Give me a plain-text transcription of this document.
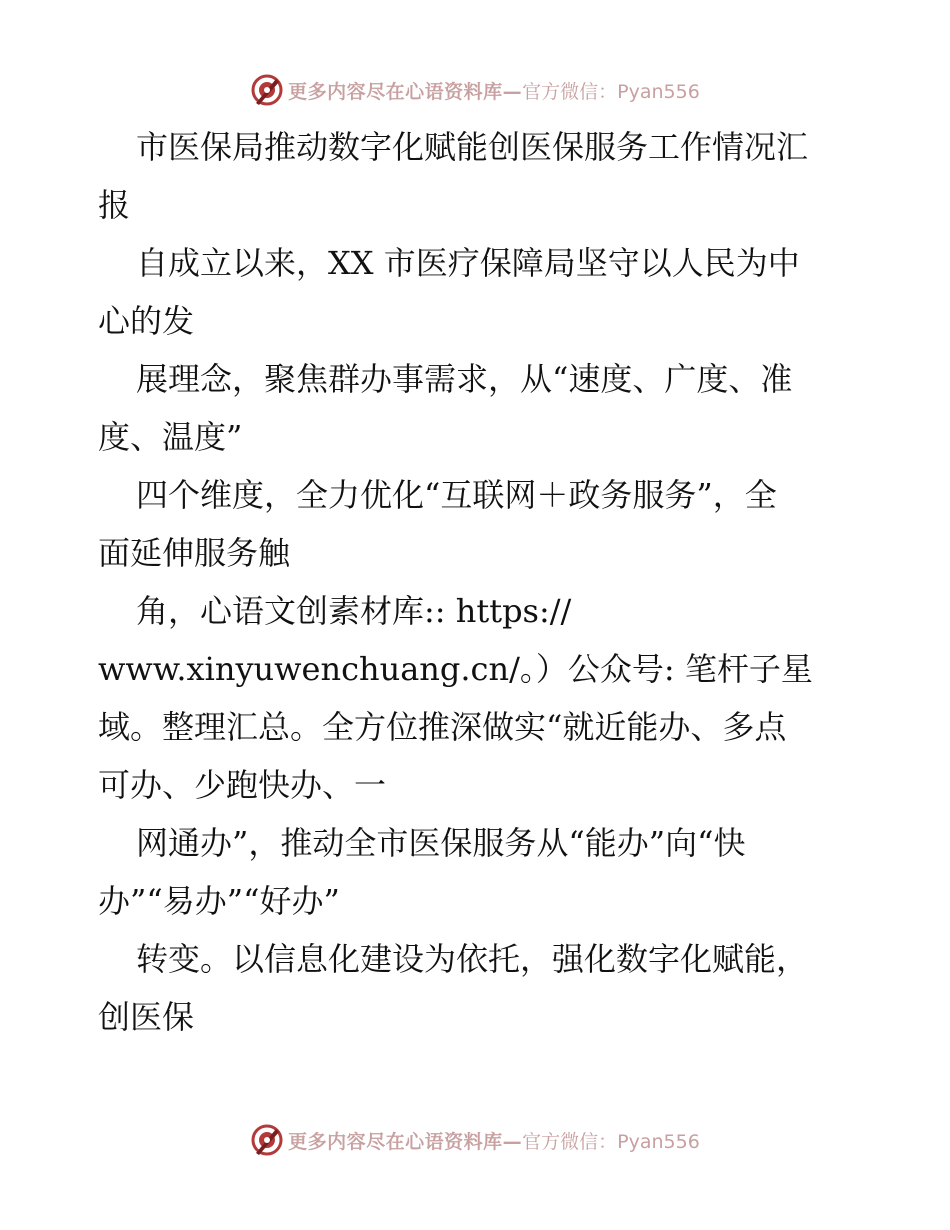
更多内容尽在心语资料库— 官方微信：Pyan556
市医保局推动数字化赋能创医保服务工作情况汇
报
自成立以来，XX 市医疗保障局坚守以人民为中
心的发
展理念，聚焦群办事需求，从“速度、广度、准
度、温度”
四个维度，全力优化“互联网＋政务服务”，全
面延伸服务触
角，心语文创素材库:: https://
www.xinyuwenchuang.cn/。）公众号: 笔杆子星
域。整理汇总。全方位推深做实“就近能办、多点
可办、少跑快办、一
网通办”，推动全市医保服务从“能办”向“快
办”“易办”“好办”
转变。以信息化建设为依托，强化数字化赋能，
创医保
更多内容尽在心语资料库— 官方微信：Pyan556
